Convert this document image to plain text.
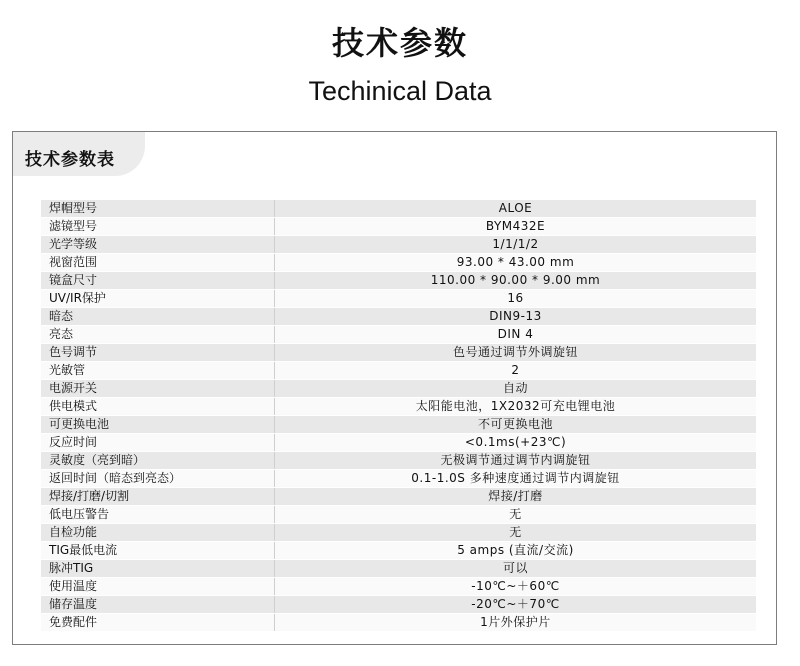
技术参数
Techinical Data
技术参数表
焊帽型号	ALOE
滤镜型号	BYM432E
光学等级	1/1/1/2
视窗范围	93.00 * 43.00 mm
镜盒尺寸	110.00 * 90.00 * 9.00 mm
UV/IR保护	16
暗态	DIN9-13
亮态	DIN 4
色号调节	色号通过调节外调旋钮
光敏管	2
电源开关	自动
供电模式	太阳能电池，1X2032可充电锂电池
可更换电池	不可更换电池
反应时间	<0.1ms(+23℃)
灵敏度（亮到暗）	无极调节通过调节内调旋钮
返回时间（暗态到亮态）	0.1-1.0S 多种速度通过调节内调旋钮
焊接/打磨/切割	焊接/打磨
低电压警告	无
自检功能	无
TIG最低电流	5 amps (直流/交流)
脉冲TIG	可以
使用温度	-10℃~＋60℃
储存温度	-20℃~＋70℃
免费配件	1片外保护片
